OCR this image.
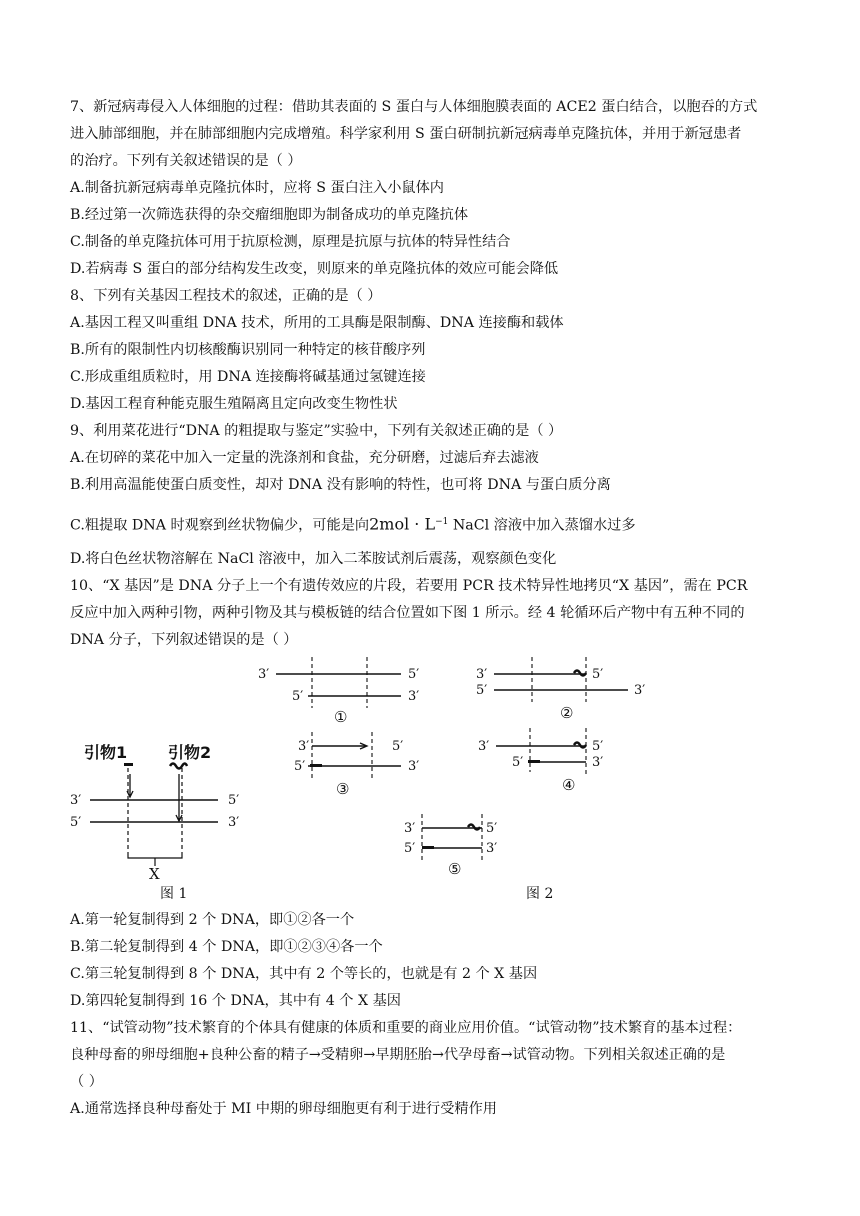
7、新冠病毒侵入人体细胞的过程：借助其表面的 S 蛋白与人体细胞膜表面的 ACE2 蛋白结合，以胞吞的方式
进入肺部细胞，并在肺部细胞内完成增殖。科学家利用 S 蛋白研制抗新冠病毒单克隆抗体，并用于新冠患者
的治疗。下列有关叙述错误的是（ ）
A.制备抗新冠病毒单克隆抗体时，应将 S 蛋白注入小鼠体内
B.经过第一次筛选获得的杂交瘤细胞即为制备成功的单克隆抗体
C.制备的单克隆抗体可用于抗原检测，原理是抗原与抗体的特异性结合
D.若病毒 S 蛋白的部分结构发生改变，则原来的单克隆抗体的效应可能会降低
8、下列有关基因工程技术的叙述，正确的是（ ）
A.基因工程又叫重组 DNA 技术，所用的工具酶是限制酶、DNA 连接酶和载体
B.所有的限制性内切核酸酶识别同一种特定的核苷酸序列
C.形成重组质粒时，用 DNA 连接酶将碱基通过氢键连接
D.基因工程育种能克服生殖隔离且定向改变生物性状
9、利用菜花进行“DNA 的粗提取与鉴定”实验中，下列有关叙述正确的是（ ）
A.在切碎的菜花中加入一定量的洗涤剂和食盐，充分研磨，过滤后弃去滤液
B.利用高温能使蛋白质变性，却对 DNA 没有影响的特性，也可将 DNA 与蛋白质分离
C.粗提取 DNA 时观察到丝状物偏少，可能是向$2mol \cdot L^{-1}$ NaCl 溶液中加入蒸馏水过多
D.将白色丝状物溶解在 NaCl 溶液中，加入二苯胺试剂后震荡，观察颜色变化
10、“X 基因”是 DNA 分子上一个有遗传效应的片段，若要用 PCR 技术特异性地拷贝“X 基因”，需在 PCR
反应中加入两种引物，两种引物及其与模板链的结合位置如下图 1 所示。经 4 轮循环后产物中有五种不同的
DNA 分子，下列叙述错误的是（ ）
引物1	引物2
3′	5′
5′	3′
X
图 1
3′	5′
5′	3′
①
3′	5′
5′	3′
②
3′	5′
5′	3′
③
3′	5′
5′	3′
④
3′	5′
5′	3′
⑤
图 2
A.第一轮复制得到 2 个 DNA，即①②各一个
B.第二轮复制得到 4 个 DNA，即①②③④各一个
C.第三轮复制得到 8 个 DNA，其中有 2 个等长的，也就是有 2 个 X 基因
D.第四轮复制得到 16 个 DNA，其中有 4 个 X 基因
11、“试管动物”技术繁育的个体具有健康的体质和重要的商业应用价值。“试管动物”技术繁育的基本过程：
良种母畜的卵母细胞+良种公畜的精子→受精卵→早期胚胎→代孕母畜→试管动物。下列相关叙述正确的是
（ ）
A.通常选择良种母畜处于 MI 中期的卵母细胞更有利于进行受精作用
